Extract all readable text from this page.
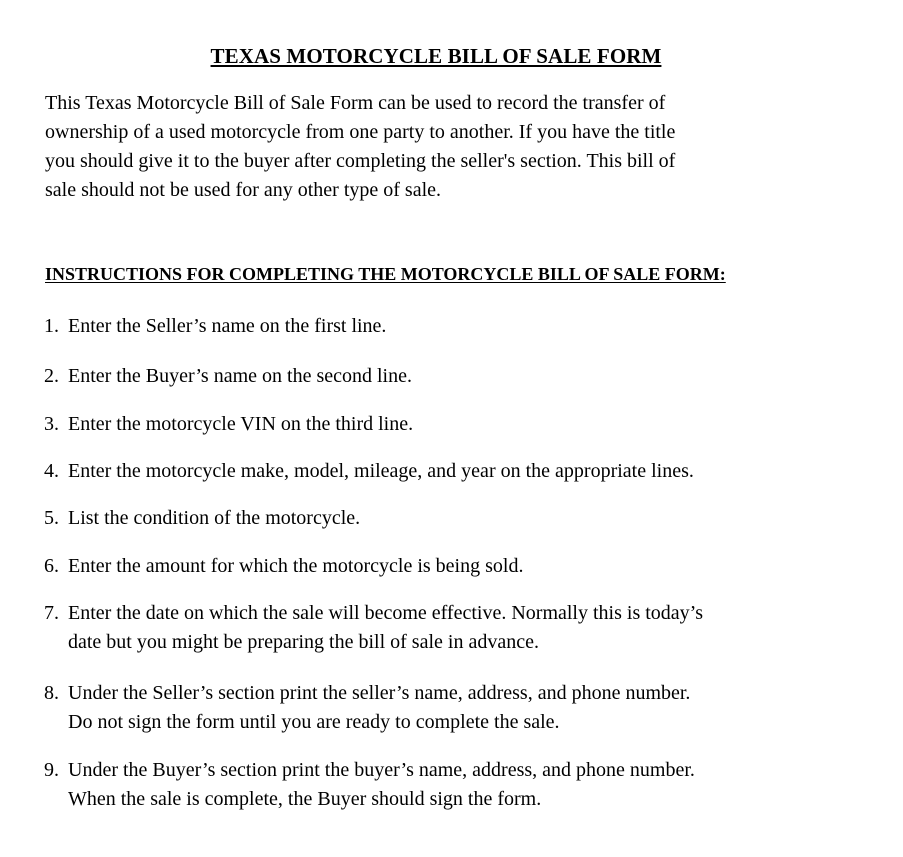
TEXAS MOTORCYCLE BILL OF SALE FORM

This Texas Motorcycle Bill of Sale Form can be used to record the transfer of
ownership of a used motorcycle from one party to another. If you have the title
you should give it to the buyer after completing the seller's section. This bill of
sale should not be used for any other type of sale.

INSTRUCTIONS FOR COMPLETING THE MOTORCYCLE BILL OF SALE FORM:
1. Enter the Seller’s name on the first line.
2. Enter the Buyer’s name on the second line.
3. Enter the motorcycle VIN on the third line.
4. Enter the motorcycle make, model, mileage, and year on the appropriate lines.
5. List the condition of the motorcycle.
6. Enter the amount for which the motorcycle is being sold.
7. Enter the date on which the sale will become effective. Normally this is today’s
date but you might be preparing the bill of sale in advance.
8. Under the Seller’s section print the seller’s name, address, and phone number.
Do not sign the form until you are ready to complete the sale.
9. Under the Buyer’s section print the buyer’s name, address, and phone number.
When the sale is complete, the Buyer should sign the form.
